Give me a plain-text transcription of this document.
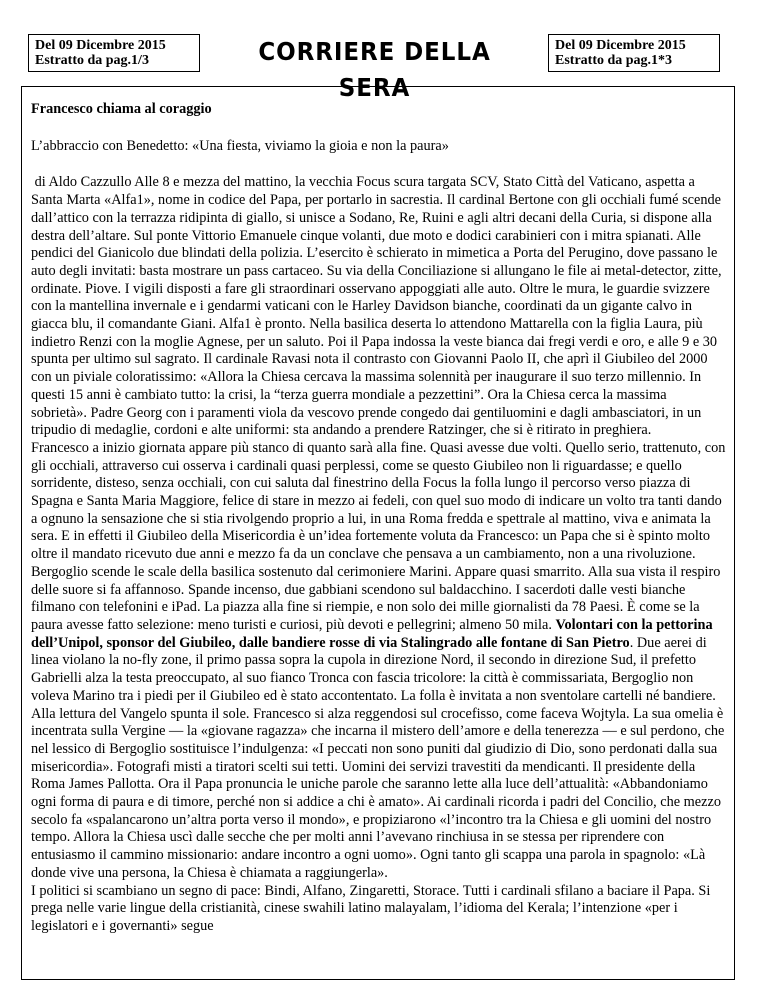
Del 09 Dicembre 2015
Estratto da pag.1/3	CORRIERE DELLA SERA
Del 09 Dicembre 2015
Estratto da pag.1*3
Francesco chiama al coraggio
L’abbraccio con Benedetto: «Una fiesta, viviamo la gioia e non la paura»

di Aldo Cazzullo Alle 8 e mezza del mattino, la vecchia Focus scura targata SCV, Stato Città del Vaticano, aspetta a Santa Marta «Alfa1», nome in codice del Papa, per portarlo in sacrestia. Il cardinal Bertone con gli occhiali fumé scende dall’attico con la terrazza ridipinta di giallo, si unisce a Sodano, Re, Ruini e agli altri decani della Curia, si dispone alla destra dell’altare. Sul ponte Vittorio Emanuele cinque volanti, due moto e dodici carabinieri con i mitra spianati. Alle pendici del Gianicolo due blindati della polizia. L’esercito è schierato in mimetica a Porta del Perugino, dove passano le auto degli invitati: basta mostrare un pass cartaceo. Su via della Conciliazione si allungano le file ai metal-detector, zitte, ordinate. Piove. I vigili disposti a fare gli straordinari osservano appoggiati alle auto. Oltre le mura, le guardie svizzere con la mantellina invernale e i gendarmi vaticani con le Harley Davidson bianche, coordinati da un gigante calvo in giacca blu, il comandante Giani. Alfa1 è pronto. Nella basilica deserta lo attendono Mattarella con la figlia Laura, più indietro Renzi con la moglie Agnese, per un saluto. Poi il Papa indossa la veste bianca dai fregi verdi e oro, e alle 9 e 30 spunta per ultimo sul sagrato. Il cardinale Ravasi nota il contrasto con Giovanni Paolo II, che aprì il Giubileo del 2000 con un piviale coloratissimo: «Allora la Chiesa cercava la massima solennità per inaugurare il suo terzo millennio. In questi 15 anni è cambiato tutto: la crisi, la “terza guerra mondiale a pezzettini”. Ora la Chiesa cerca la massima sobrietà». Padre Georg con i paramenti viola da vescovo prende congedo dai gentiluomini e dagli ambasciatori, in un tripudio di medaglie, cordoni e alte uniformi: sta andando a prendere Ratzinger, che si è ritirato in preghiera.

Francesco a inizio giornata appare più stanco di quanto sarà alla fine. Quasi avesse due volti. Quello serio, trattenuto, con gli occhiali, attraverso cui osserva i cardinali quasi perplessi, come se questo Giubileo non li riguardasse; e quello sorridente, disteso, senza occhiali, con cui saluta dal finestrino della Focus la folla lungo il percorso verso piazza di Spagna e Santa Maria Maggiore, felice di stare in mezzo ai fedeli, con quel suo modo di indicare un volto tra tanti dando a ognuno la sensazione che si stia rivolgendo proprio a lui, in una Roma fredda e spettrale al mattino, viva e animata la sera. E in effetti il Giubileo della Misericordia è un’idea fortemente voluta da Francesco: un Papa che si è spinto molto oltre il mandato ricevuto due anni e mezzo fa da un conclave che pensava a un cambiamento, non a una rivoluzione.

Bergoglio scende le scale della basilica sostenuto dal cerimoniere Marini. Appare quasi smarrito. Alla sua vista il respiro delle suore si fa affannoso. Spande incenso, due gabbiani scendono sul baldacchino. I sacerdoti dalle vesti bianche filmano con telefonini e iPad. La piazza alla fine si riempie, e non solo dei mille giornalisti da 78 Paesi. È come se la paura avesse fatto selezione: meno turisti e curiosi, più devoti e pellegrini; almeno 50 mila. Volontari con la pettorina dell’Unipol, sponsor del Giubileo, dalle bandiere rosse di via Stalingrado alle fontane di San Pietro. Due aerei di linea violano la no-fly zone, il primo passa sopra la cupola in direzione Nord, il secondo in direzione Sud, il prefetto Gabrielli alza la testa preoccupato, al suo fianco Tronca con fascia tricolore: la città è commissariata, Bergoglio non voleva Marino tra i piedi per il Giubileo ed è stato accontentato. La folla è invitata a non sventolare cartelli né bandiere.

Alla lettura del Vangelo spunta il sole. Francesco si alza reggendosi sul crocefisso, come faceva Wojtyla. La sua omelia è incentrata sulla Vergine — la «giovane ragazza» che incarna il mistero dell’amore e della tenerezza — e sul perdono, che nel lessico di Bergoglio sostituisce l’indulgenza: «I peccati non sono puniti dal giudizio di Dio, sono perdonati dalla sua misericordia». Fotografi misti a tiratori scelti sui tetti. Uomini dei servizi travestiti da mendicanti. Il presidente della Roma James Pallotta. Ora il Papa pronuncia le uniche parole che saranno lette alla luce dell’attualità: «Abbandoniamo ogni forma di paura e di timore, perché non si addice a chi è amato». Ai cardinali ricorda i padri del Concilio, che mezzo secolo fa «spalancarono un’altra porta verso il mondo», e propiziarono «l’incontro tra la Chiesa e gli uomini del nostro tempo. Allora la Chiesa uscì dalle secche che per molti anni l’avevano rinchiusa in se stessa per riprendere con entusiasmo il cammino missionario: andare incontro a ogni uomo». Ogni tanto gli scappa una parola in spagnolo: «Là donde vive una persona, la Chiesa è chiamata a raggiungerla».

I politici si scambiano un segno di pace: Bindi, Alfano, Zingaretti, Storace. Tutti i cardinali sfilano a baciare il Papa. Si prega nelle varie lingue della cristianità, cinese swahili latino malayalam, l’idioma del Kerala; l’intenzione «per i legislatori e i governanti» segue
